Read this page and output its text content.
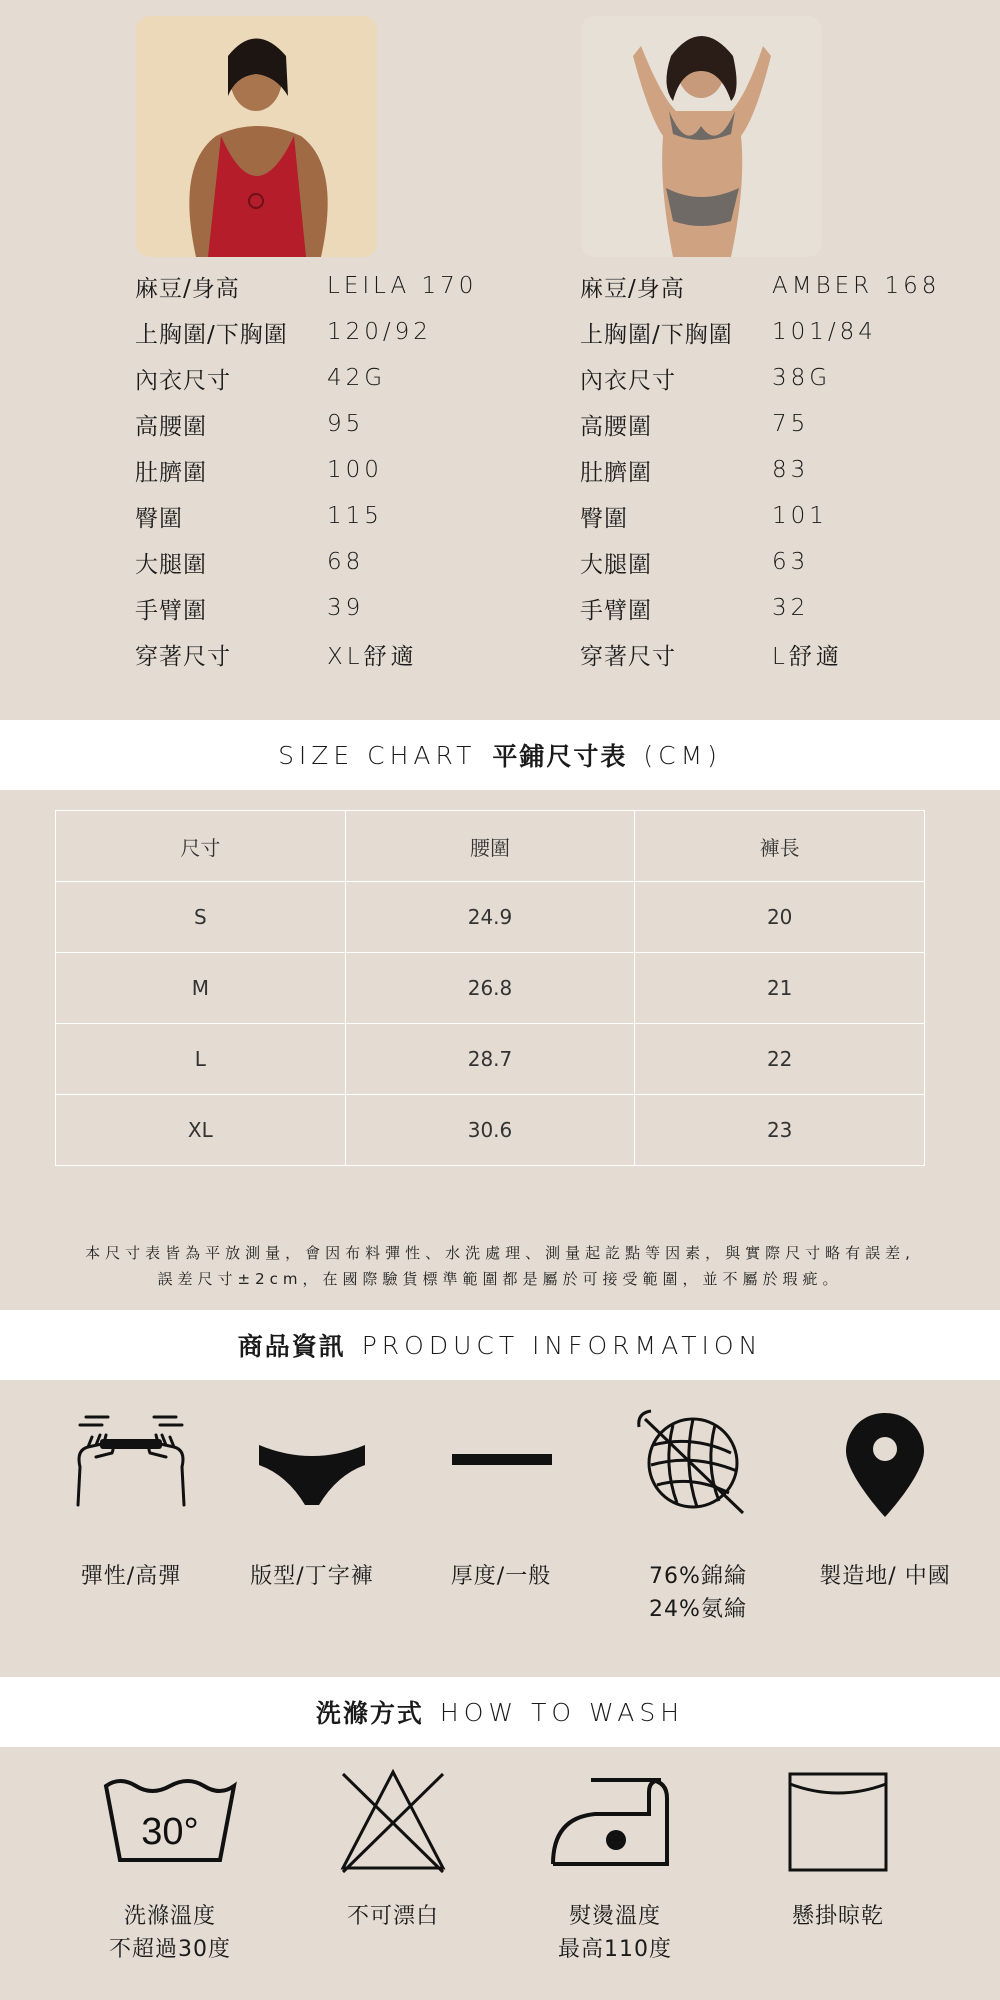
麻豆/身高	LEILA 170
上胸圍/下胸圍	120/92
內衣尺寸	42G
高腰圍	95
肚臍圍	100
臀圍	115
大腿圍	68
手臂圍	39
穿著尺寸	XL舒適
麻豆/身高	AMBER 168
上胸圍/下胸圍	101/84
內衣尺寸	38G
高腰圍	75
肚臍圍	83
臀圍	101
大腿圍	63
手臂圍	32
穿著尺寸	L舒適
SIZE CHART 平鋪尺寸表 (CM)
尺寸	腰圍	褲長
S	24.9	20
M	26.8	21
L	28.7	22
XL	30.6	23
本尺寸表皆為平放測量，會因布料彈性、水洗處理、測量起訖點等因素，與實際尺寸略有誤差,
誤差尺寸±2cm，在國際驗貨標準範圍都是屬於可接受範圍，並不屬於瑕疵。
商品資訊 PRODUCT INFORMATION
彈性/高彈	版型/丁字褲	厚度/一般	76%錦綸
24%氨綸
製造地/ 中國
洗滌方式 HOW TO WASH
30°
洗滌溫度
不超過30度
不可漂白	熨燙溫度
最高110度
懸掛晾乾
